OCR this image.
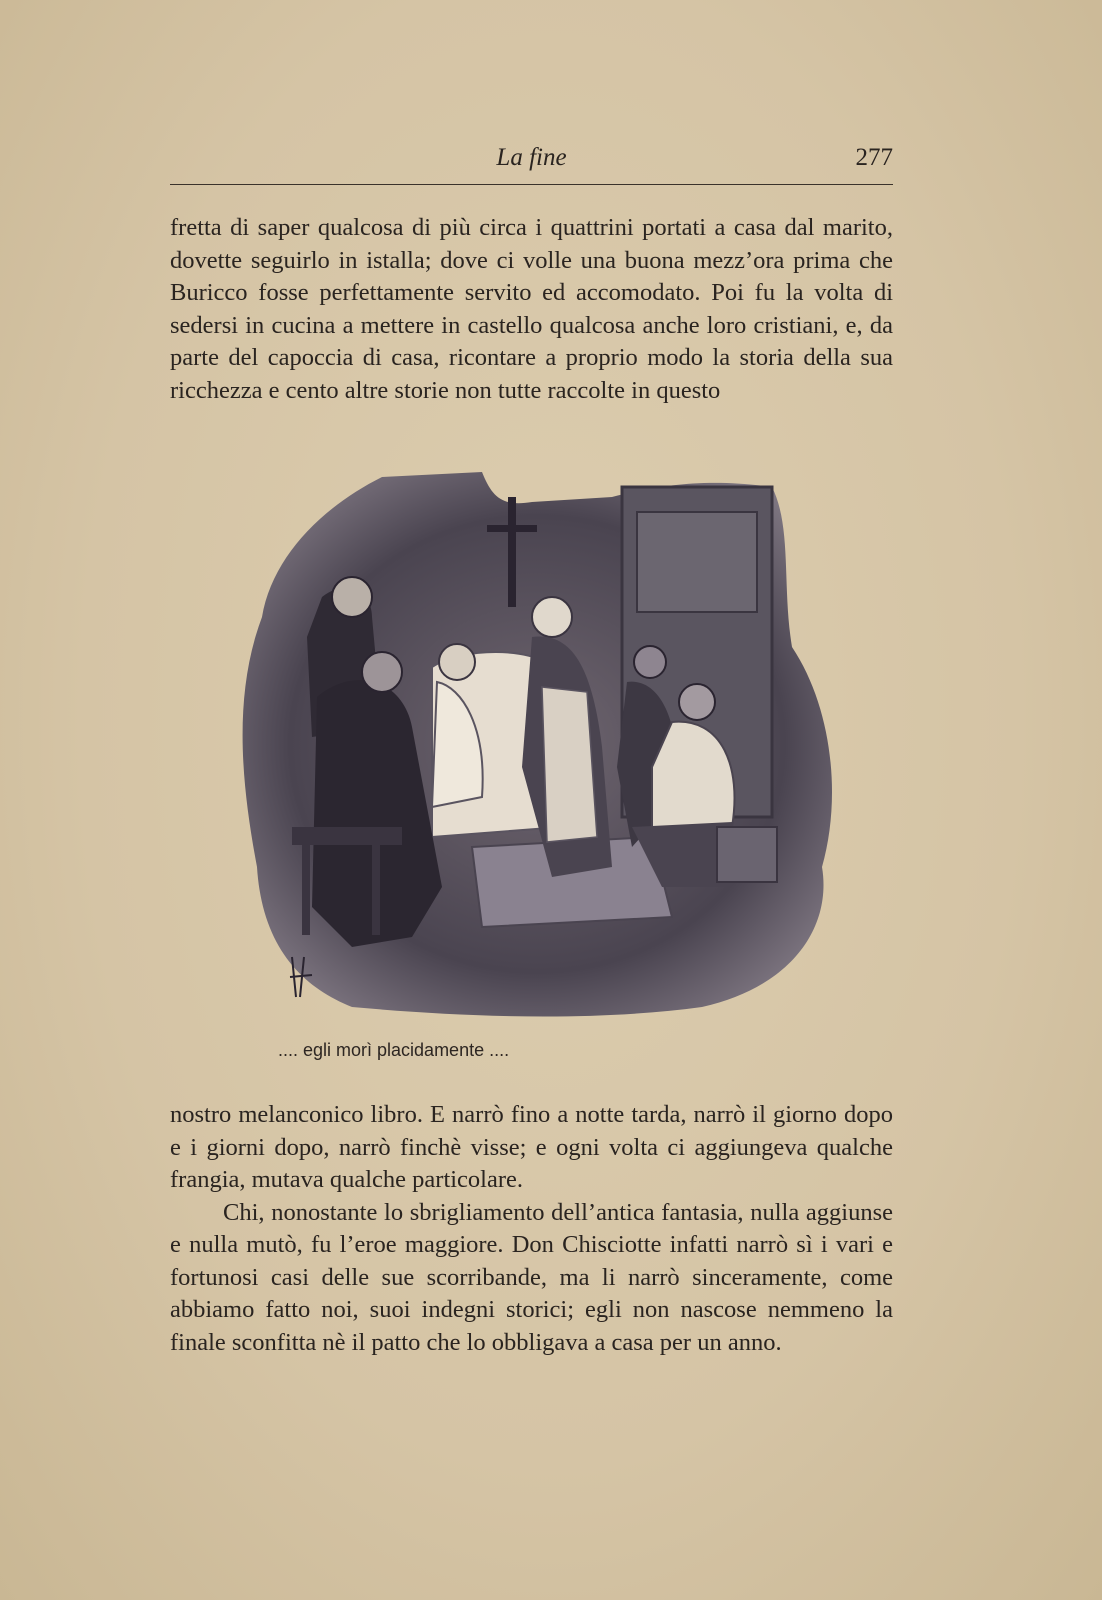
La fine	277

fretta di saper qualcosa di più circa i quattrini portati a casa dal marito, dovette seguirlo in istalla; dove ci volle una buona mezz’ora prima che Buricco fosse perfettamente servito ed accomodato. Poi fu la volta di sedersi in cucina a mettere in castello qualcosa anche loro cristiani, e, da parte del capoccia di casa, ricontare a proprio modo la storia della sua ricchezza e cento altre storie non tutte raccolte in questo

.... egli morì placidamente ....

nostro melanconico libro. E narrò fino a notte tarda, narrò il giorno dopo e i giorni dopo, narrò finchè visse; e ogni volta ci aggiungeva qualche frangia, mutava qualche particolare.

Chi, nonostante lo sbrigliamento dell’antica fantasia, nulla aggiunse e nulla mutò, fu l’eroe maggiore. Don Chisciotte infatti narrò sì i vari e fortunosi casi delle sue scorribande, ma li narrò sinceramente, come abbiamo fatto noi, suoi indegni storici; egli non nascose nemmeno la finale sconfitta nè il patto che lo obbligava a casa per un anno.
